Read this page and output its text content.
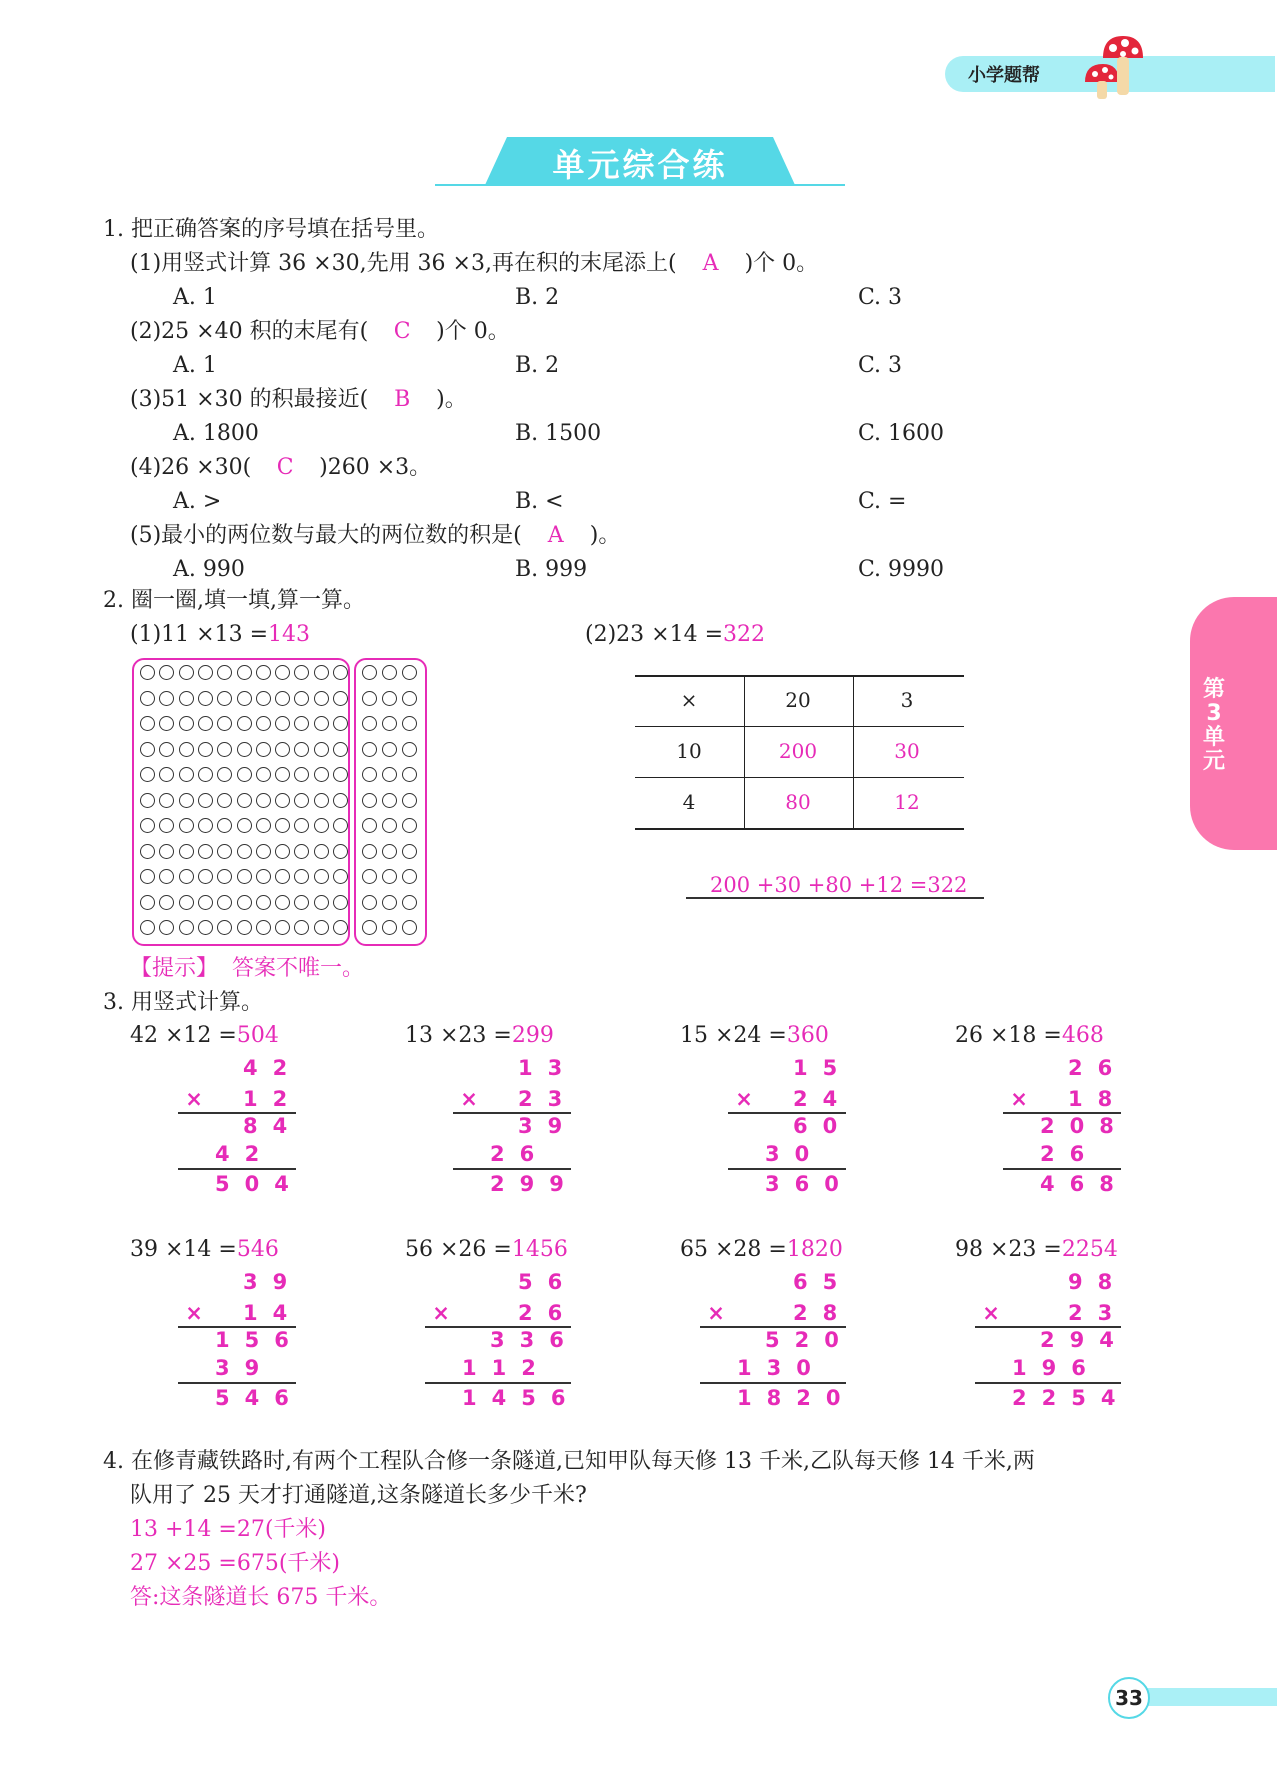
小学题帮
单元综合练
第3单元
1. 把正确答案的序号填在括号里。
(1)用竖式计算 36 ×30,先用 36 ×3,再在积的末尾添上( A )个 0。
A. 1	B. 2	C. 3
(2)25 ×40 积的末尾有( C )个 0。
A. 1	B. 2	C. 3
(3)51 ×30 的积最接近( B )。
A. 1800	B. 1500	C. 1600
(4)26 ×30( C )260 ×3。
A. >	B. <	C. =
(5)最小的两位数与最大的两位数的积是( A )。
A. 990	B. 999	C. 9990
2. 圈一圈,填一填,算一算。
(1)11 ×13 =143	(2)23 ×14 =322
×	20	3
10	200	30
4	80	12
200 +30 +80 +12 =322
【提示】 答案不唯一。
3. 用竖式计算。
42 ×12 =504
42
×	12
84
42
504
13 ×23 =299
13
×	23
39
26
299
15 ×24 =360
15
×	24
60
30
360
26 ×18 =468
26
×	18
208
26
468
39 ×14 =546
39
×	14
156
39
546
56 ×26 =1456
56
×	26
336
112
1456
65 ×28 =1820
65
×	28
520
130
1820
98 ×23 =2254
98
×	23
294
196
2254
4. 在修青藏铁路时,有两个工程队合修一条隧道,已知甲队每天修 13 千米,乙队每天修 14 千米,两
队用了 25 天才打通隧道,这条隧道长多少千米?
13 +14 =27(千米)
27 ×25 =675(千米)
答:这条隧道长 675 千米。
33
